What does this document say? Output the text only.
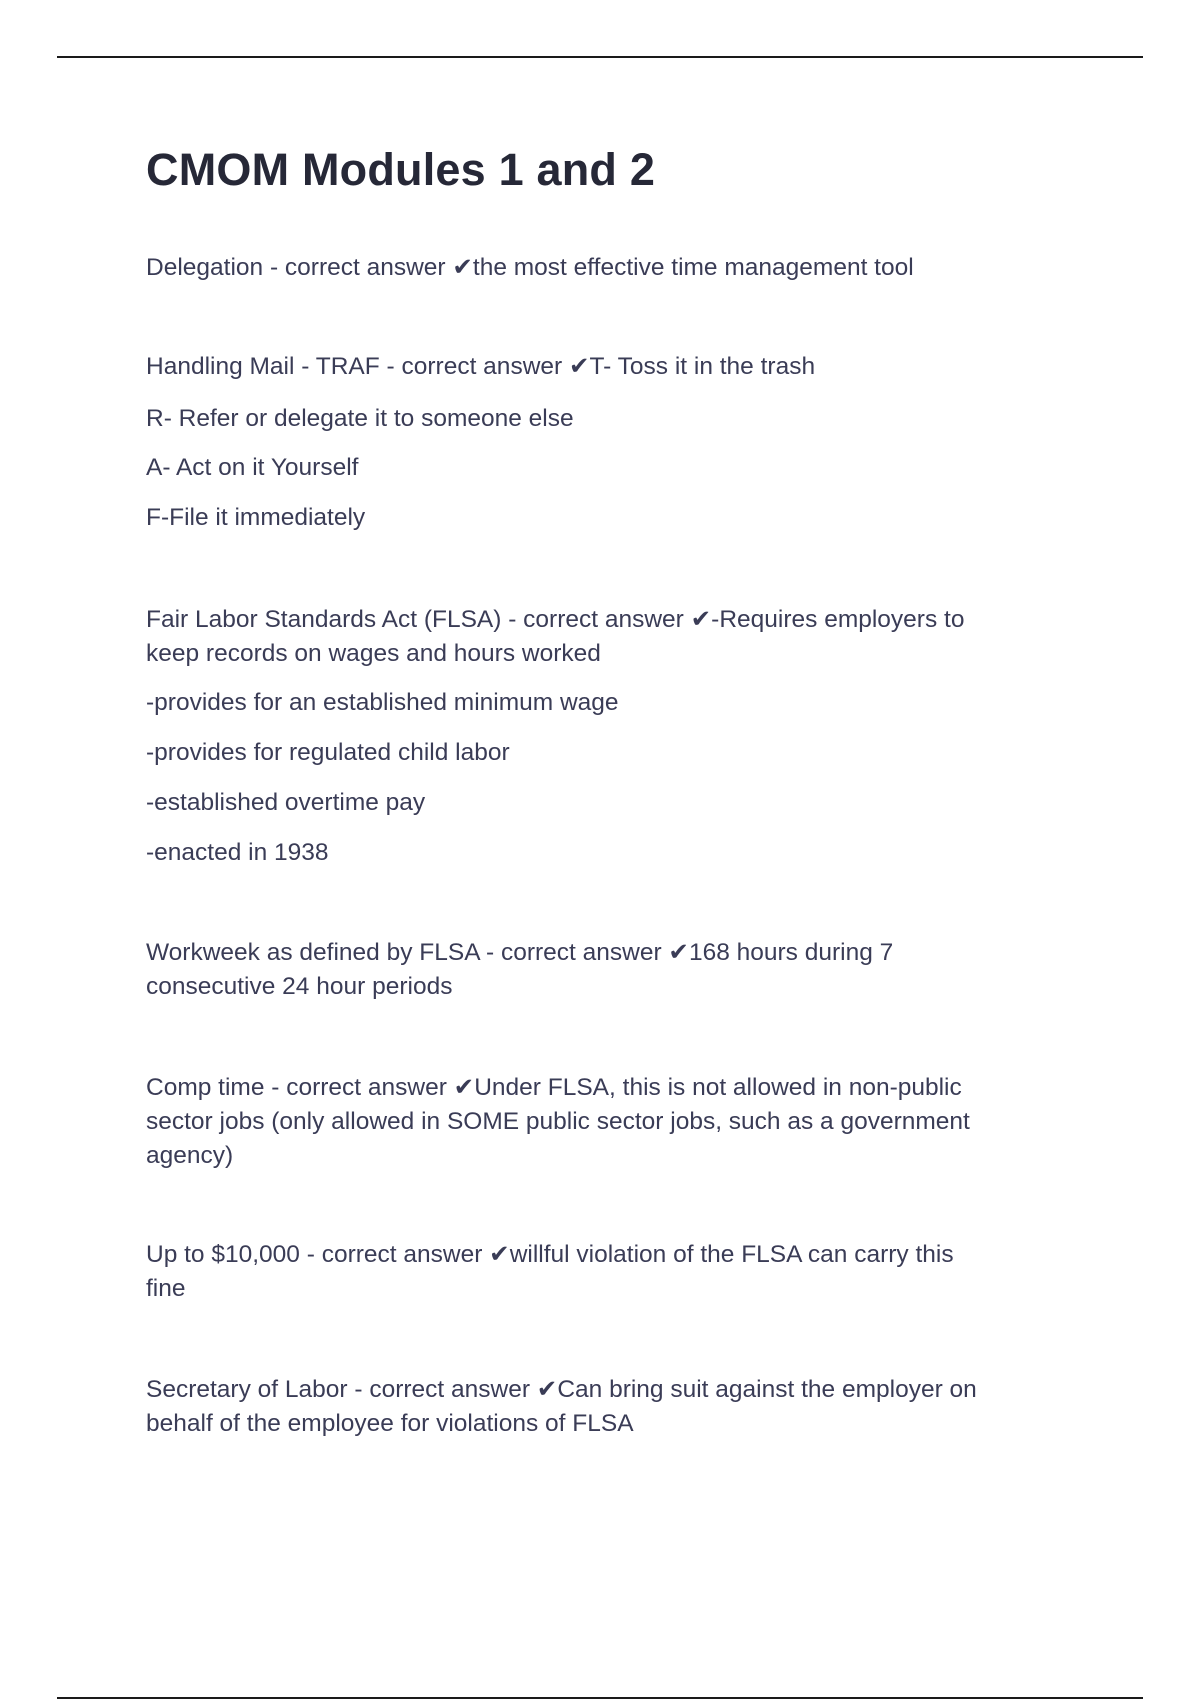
CMOM Modules 1 and 2
Delegation - correct answer ✔the most effective time management tool
Handling Mail - TRAF - correct answer ✔T- Toss it in the trash
R- Refer or delegate it to someone else
A- Act on it Yourself
F-File it immediately
Fair Labor Standards Act (FLSA) - correct answer ✔-Requires employers to
keep records on wages and hours worked
-provides for an established minimum wage
-provides for regulated child labor
-established overtime pay
-enacted in 1938
Workweek as defined by FLSA - correct answer ✔168 hours during 7
consecutive 24 hour periods
Comp time - correct answer ✔Under FLSA, this is not allowed in non-public
sector jobs (only allowed in SOME public sector jobs, such as a government
agency)
Up to $10,000 - correct answer ✔willful violation of the FLSA can carry this
fine
Secretary of Labor - correct answer ✔Can bring suit against the employer on
behalf of the employee for violations of FLSA
